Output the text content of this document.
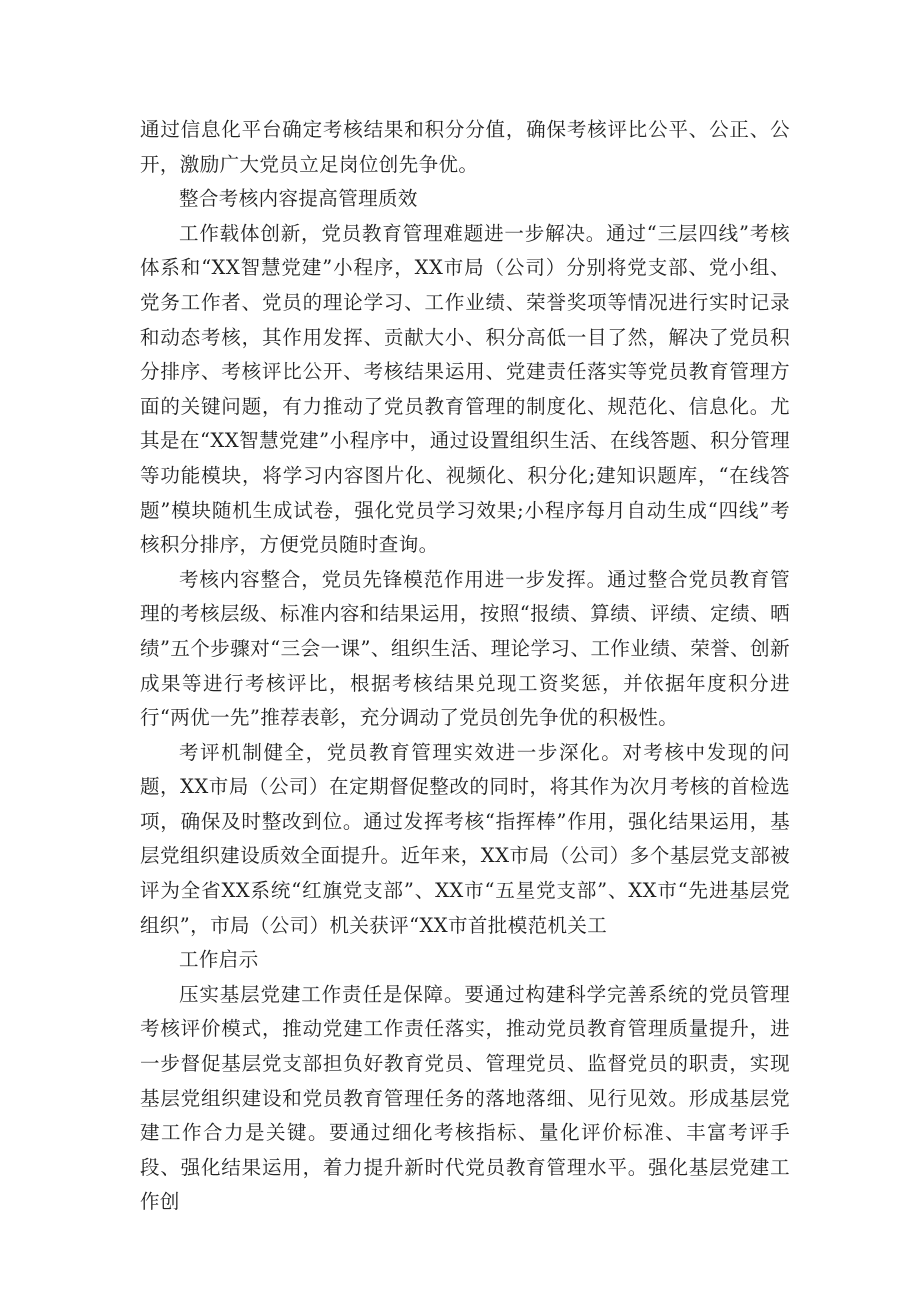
通过信息化平台确定考核结果和积分分值，确保考核评比公平、公正、公开，激励广大党员立足岗位创先争优。

整合考核内容提高管理质效

工作载体创新，党员教育管理难题进一步解决。通过“三层四线”考核体系和“XX智慧党建”小程序，XX市局（公司）分别将党支部、党小组、党务工作者、党员的理论学习、工作业绩、荣誉奖项等情况进行实时记录和动态考核，其作用发挥、贡献大小、积分高低一目了然，解决了党员积分排序、考核评比公开、考核结果运用、党建责任落实等党员教育管理方面的关键问题，有力推动了党员教育管理的制度化、规范化、信息化。尤其是在“XX智慧党建”小程序中，通过设置组织生活、在线答题、积分管理等功能模块，将学习内容图片化、视频化、积分化;建知识题库，“在线答题”模块随机生成试卷，强化党员学习效果;小程序每月自动生成“四线”考核积分排序，方便党员随时查询。

考核内容整合，党员先锋模范作用进一步发挥。通过整合党员教育管理的考核层级、标准内容和结果运用，按照“报绩、算绩、评绩、定绩、晒绩”五个步骤对“三会一课”、组织生活、理论学习、工作业绩、荣誉、创新成果等进行考核评比，根据考核结果兑现工资奖惩，并依据年度积分进行“两优一先”推荐表彰，充分调动了党员创先争优的积极性。

考评机制健全，党员教育管理实效进一步深化。对考核中发现的问题，XX市局（公司）在定期督促整改的同时，将其作为次月考核的首检选项，确保及时整改到位。通过发挥考核“指挥棒”作用，强化结果运用，基层党组织建设质效全面提升。近年来，XX市局（公司）多个基层党支部被评为全省XX系统“红旗党支部”、XX市“五星党支部”、XX市“先进基层党组织”，市局（公司）机关获评“XX市首批模范机关工

工作启示

压实基层党建工作责任是保障。要通过构建科学完善系统的党员管理考核评价模式，推动党建工作责任落实，推动党员教育管理质量提升，进一步督促基层党支部担负好教育党员、管理党员、监督党员的职责，实现基层党组织建设和党员教育管理任务的落地落细、见行见效。形成基层党建工作合力是关键。要通过细化考核指标、量化评价标准、丰富考评手段、强化结果运用，着力提升新时代党员教育管理水平。强化基层党建工作创
